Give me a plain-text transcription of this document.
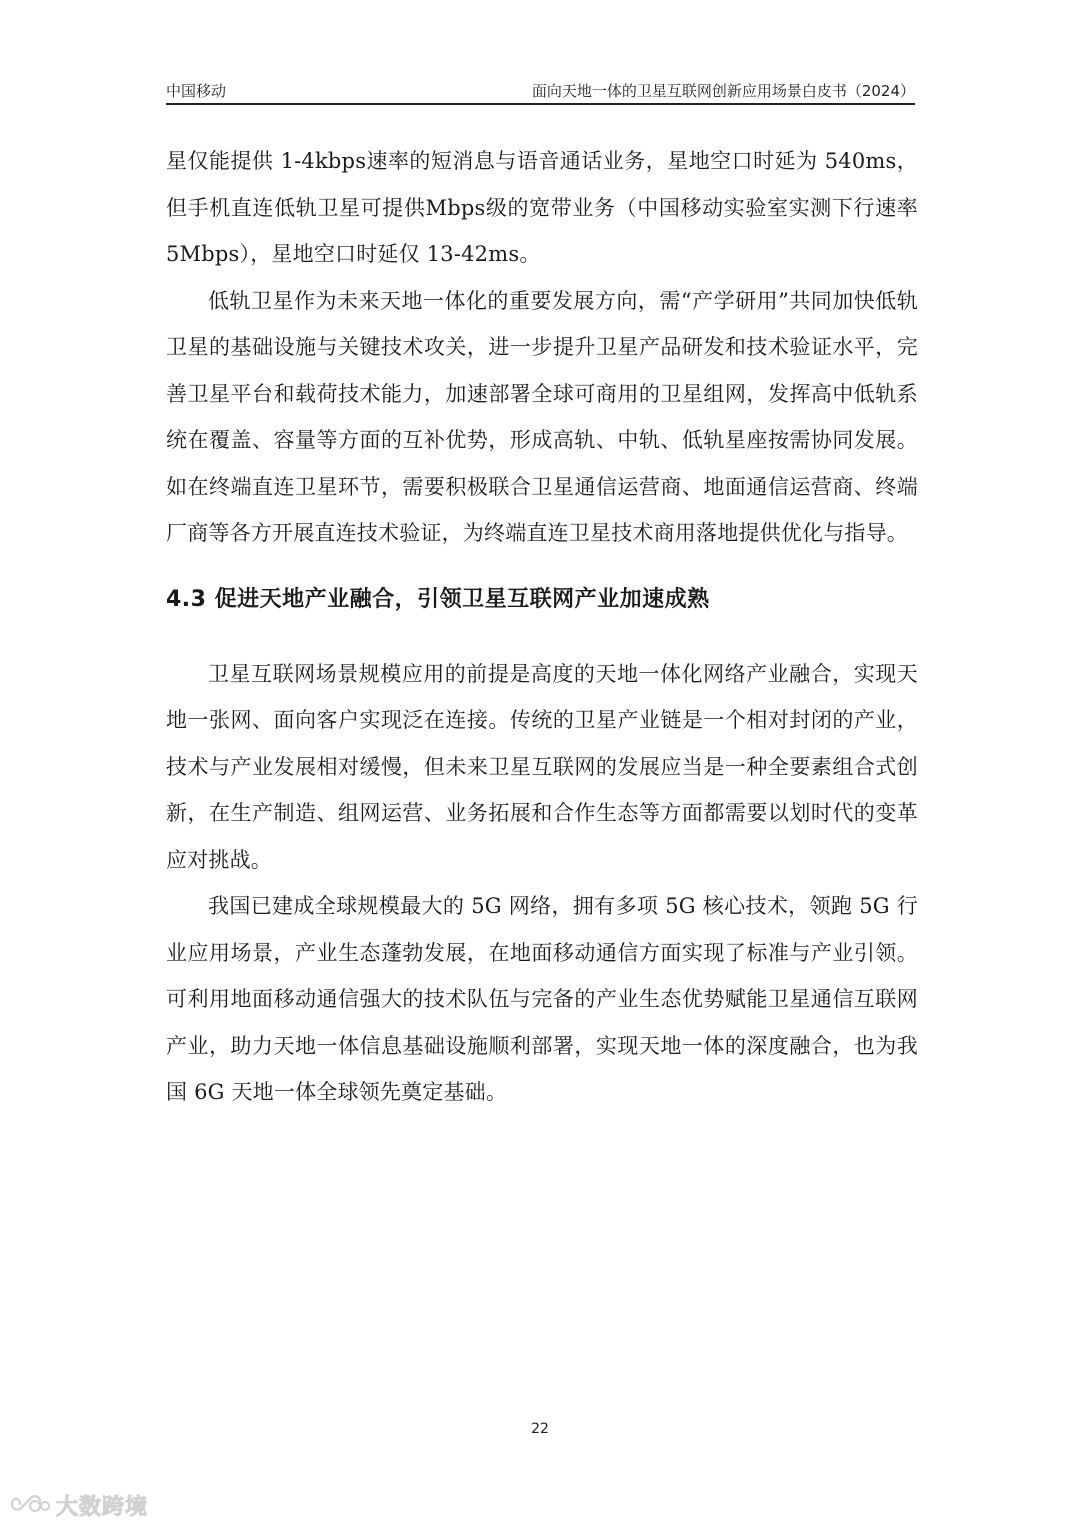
中国移动	面向天地一体的卫星互联网创新应用场景白皮书（2024）

星仅能提供 1-4kbps速率的短消息与语音通话业务，星地空口时延为 540ms，但手机直连低轨卫星可提供Mbps级的宽带业务（中国移动实验室实测下行速率5Mbps），星地空口时延仅 13-42ms。

低轨卫星作为未来天地一体化的重要发展方向，需“产学研用”共同加快低轨卫星的基础设施与关键技术攻关，进一步提升卫星产品研发和技术验证水平，完善卫星平台和载荷技术能力，加速部署全球可商用的卫星组网，发挥高中低轨系统在覆盖、容量等方面的互补优势，形成高轨、中轨、低轨星座按需协同发展。如在终端直连卫星环节，需要积极联合卫星通信运营商、地面通信运营商、终端厂商等各方开展直连技术验证，为终端直连卫星技术商用落地提供优化与指导。

4.3 促进天地产业融合，引领卫星互联网产业加速成熟

卫星互联网场景规模应用的前提是高度的天地一体化网络产业融合，实现天地一张网、面向客户实现泛在连接。传统的卫星产业链是一个相对封闭的产业，技术与产业发展相对缓慢，但未来卫星互联网的发展应当是一种全要素组合式创新，在生产制造、组网运营、业务拓展和合作生态等方面都需要以划时代的变革应对挑战。

我国已建成全球规模最大的 5G 网络，拥有多项 5G 核心技术，领跑 5G 行业应用场景，产业生态蓬勃发展，在地面移动通信方面实现了标准与产业引领。可利用地面移动通信强大的技术队伍与完备的产业生态优势赋能卫星通信互联网产业，助力天地一体信息基础设施顺利部署，实现天地一体的深度融合，也为我国 6G 天地一体全球领先奠定基础。

22
大数跨境
